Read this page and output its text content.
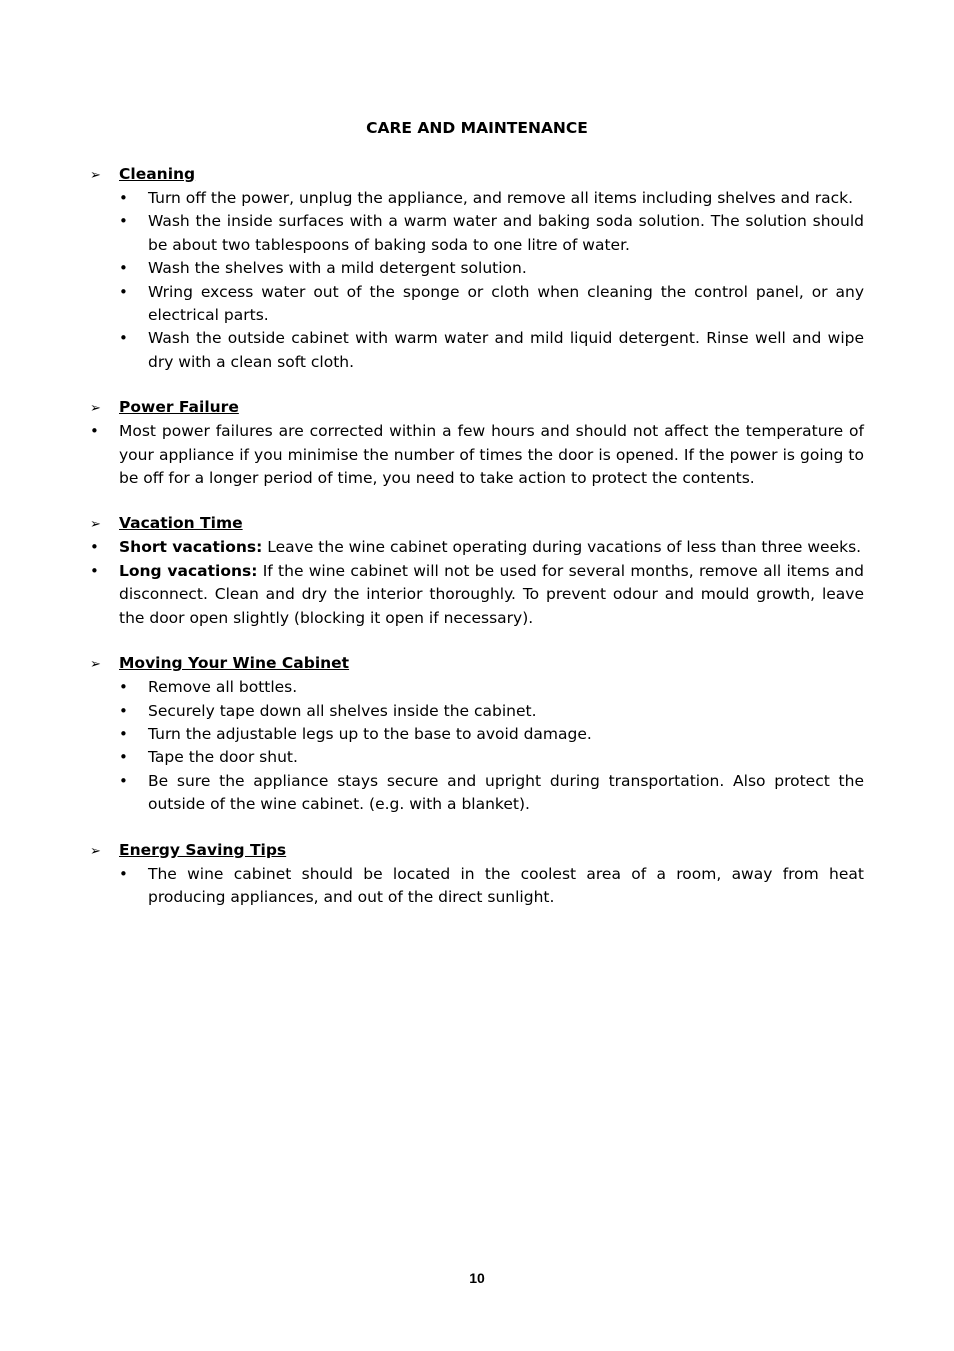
CARE AND MAINTENANCE
➢	Cleaning
•	Turn off the power, unplug the appliance, and remove all items including shelves and rack.
•	Wash the inside surfaces with a warm water and baking soda solution. The solution should be about two tablespoons of baking soda to one litre of water.
•	Wash the shelves with a mild detergent solution.
•	Wring excess water out of the sponge or cloth when cleaning the control panel, or any electrical parts.
•	Wash the outside cabinet with warm water and mild liquid detergent. Rinse well and wipe dry with a clean soft cloth.
➢	Power Failure
•	Most power failures are corrected within a few hours and should not affect the temperature of your appliance if you minimise the number of times the door is opened. If the power is going to be off for a longer period of time, you need to take action to protect the contents.
➢	Vacation Time
•	Short vacations: Leave the wine cabinet operating during vacations of less than three weeks.
•	Long vacations: If the wine cabinet will not be used for several months, remove all items and disconnect. Clean and dry the interior thoroughly. To prevent odour and mould growth, leave the door open slightly (blocking it open if necessary).
➢	Moving Your Wine Cabinet
•	Remove all bottles.
•	Securely tape down all shelves inside the cabinet.
•	Turn the adjustable legs up to the base to avoid damage.
•	Tape the door shut.
•	Be sure the appliance stays secure and upright during transportation. Also protect the outside of the wine cabinet. (e.g. with a blanket).
➢	Energy Saving Tips
•	The wine cabinet should be located in the coolest area of a room, away from heat producing appliances, and out of the direct sunlight.
10
